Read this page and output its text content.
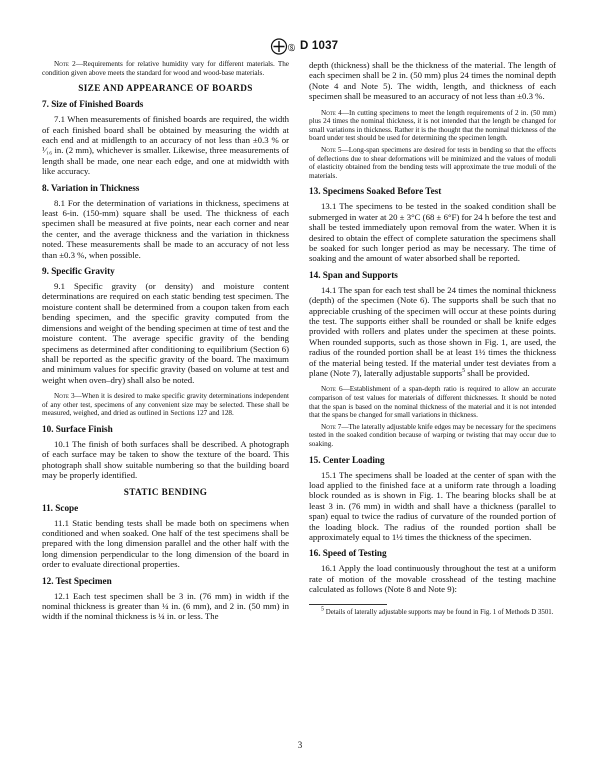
Ⓢ D 1037

Note 2—Requirements for relative humidity vary for different materials. The condition given above meets the standard for wood and wood-base materials.

SIZE AND APPEARANCE OF BOARDS
7. Size of Finished Boards

7.1 When measurements of finished boards are required, the width of each finished board shall be obtained by measuring the width at each end and at midlength to an accuracy of not less than ±0.3 % or ¹⁄₁₆ in. (2 mm), whichever is smaller. Likewise, three measurements of length shall be made, one near each edge, and one at midwidth with like accuracy.

8. Variation in Thickness

8.1 For the determination of variations in thickness, specimens at least 6-in. (150-mm) square shall be used. The thickness of each specimen shall be measured at five points, near each corner and near the center, and the average thickness and the variation in thickness noted. These measurements shall be made to an accuracy of not less than ±0.3 %, when possible.

9. Specific Gravity

9.1 Specific gravity (or density) and moisture content determinations are required on each static bending test specimen. The moisture content shall be determined from a coupon taken from each bending specimen, and the specific gravity computed from the dimensions and weight of the bending specimen at time of test and the moisture content. The average specific gravity of the bending specimens as determined after conditioning to equilibrium (Section 6) shall be reported as the specific gravity of the board. The maximum and minimum values for specific gravity (based on volume at test and weight when oven–dry) shall also be noted.

Note 3—When it is desired to make specific gravity determinations independent of any other test, specimens of any convenient size may be selected. These shall be measured, weighed, and dried as outlined in Sections 127 and 128.

10. Surface Finish

10.1 The finish of both surfaces shall be described. A photograph of each surface may be taken to show the texture of the board. This photograph shall show suitable numbering so that the building board may be properly identified.

STATIC BENDING
11. Scope

11.1 Static bending tests shall be made both on specimens when conditioned and when soaked. One half of the test specimens shall be prepared with the long dimension parallel and the other half with the long dimension perpendicular to the long dimension of the board in order to evaluate directional properties.

12. Test Specimen

12.1 Each test specimen shall be 3 in. (76 mm) in width if the nominal thickness is greater than ¼ in. (6 mm), and 2 in. (50 mm) in width if the nominal thickness is ¼ in. or less. The

depth (thickness) shall be the thickness of the material. The length of each specimen shall be 2 in. (50 mm) plus 24 times the nominal depth (Note 4 and Note 5). The width, length, and thickness of each specimen shall be measured to an accuracy of not less than ±0.3 %.

Note 4—In cutting specimens to meet the length requirements of 2 in. (50 mm) plus 24 times the nominal thickness, it is not intended that the length be changed for small variations in thickness. Rather it is the thought that the nominal thickness of the board under test should be used for determining the specimen length.

Note 5—Long-span specimens are desired for tests in bending so that the effects of deflections due to shear deformations will be minimized and the values of moduli of elasticity obtained from the bending tests will approximate the true moduli of the materials.

13. Specimens Soaked Before Test

13.1 The specimens to be tested in the soaked condition shall be submerged in water at 20 ± 3°C (68 ± 6°F) for 24 h before the test and shall be tested immediately upon removal from the water. When it is desired to obtain the effect of complete saturation the specimens shall be soaked for such longer period as may be necessary. The time of soaking and the amount of water absorbed shall be reported.

14. Span and Supports

14.1 The span for each test shall be 24 times the nominal thickness (depth) of the specimen (Note 6). The supports shall be such that no appreciable crushing of the specimen will occur at these points during the test. The supports either shall be rounded or shall be knife edges provided with rollers and plates under the specimen at these points. When rounded supports, such as those shown in Fig. 1, are used, the radius of the rounded portion shall be at least 1½ times the thickness of the material being tested. If the material under test deviates from a plane (Note 7), laterally adjustable supports$^5$ shall be provided.

Note 6—Establishment of a span-depth ratio is required to allow an accurate comparison of test values for materials of different thicknesses. It should be noted that the span is based on the nominal thickness of the material and it is not intended that the spans be changed for small variations in thickness.

Note 7—The laterally adjustable knife edges may be necessary for the specimens tested in the soaked condition because of warping or twisting that may occur due to soaking.

15. Center Loading

15.1 The specimens shall be loaded at the center of span with the load applied to the finished face at a uniform rate through a loading block rounded as is shown in Fig. 1. The bearing blocks shall be at least 3 in. (76 mm) in width and shall have a thickness (parallel to span) equal to twice the radius of curvature of the rounded portion of the loading block. The radius of the rounded portion shall be approximately equal to 1½ times the thickness of the specimen.

16. Speed of Testing

16.1 Apply the load continuously throughout the test at a uniform rate of motion of the movable crosshead of the testing machine calculated as follows (Note 8 and Note 9):

$^5$ Details of laterally adjustable supports may be found in Fig. 1 of Methods D 3501.

3
